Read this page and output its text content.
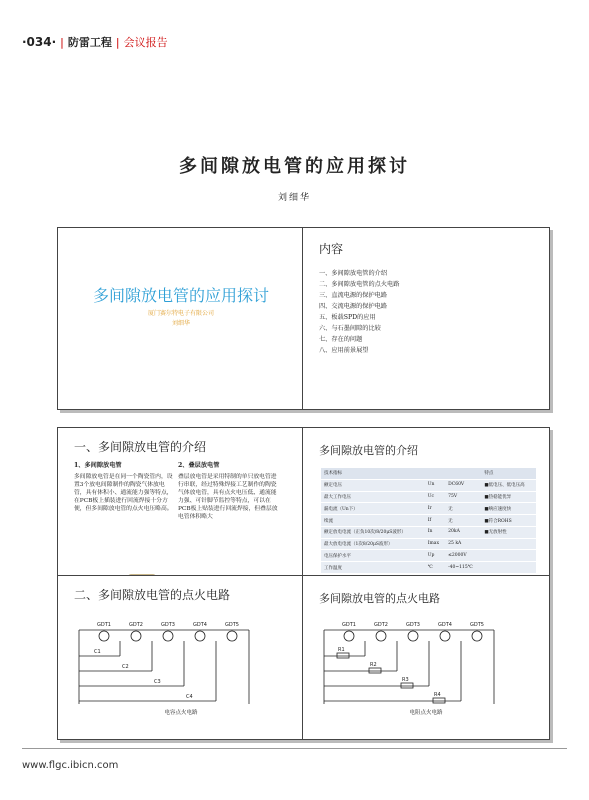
·034· | 防雷工程 | 会议报告
多间隙放电管的应用探讨
刘细华
多间隙放电管的应用探讨
厦门赛尔特电子有限公司
刘细华
内容
一、多间隙放电管的介绍
二、多间隙放电管的点火电路
三、直流电源的保护电路
四、交流电源的保护电路
五、板载SPD的应用
六、与石墨间隙的比较
七、存在的问题
八、应用前景展望
一、多间隙放电管的介绍
1、多间隙放电管
多间隙放电管是在同一个陶瓷管内，设置3个放电间隙制作的陶瓷气体放电管，具有体积小、通流能力强等特点，在PCB板上插装进行回流焊接十分方便，但多间隙放电管的点火电压略高。
2、叠层放电管
叠层放电管是采用特制的单只放电管进行串联，经过特殊焊接工艺制作的陶瓷气体放电管，具有点火电压低、通流能力强、可针脚节监控等特点，可以在PCB板上贴装进行回流焊接，但叠层放电管体积略大
多间隙放电管的介绍
技术指标			特点
额定电压	Un	DC60V	■低电压、低电压高
最大工作电压	Uc	75V	■热稳能优异
漏电流（Un下）	Ir	无	■响应速度快
续流	If	无	■符合ROHS
额定放电电流（正负10次/8/20μS波形）	In	20kA	■无放射性
最大放电电流（1次8/20μS波形）	Imax	25 kA	
电压保护水平	Up	≤2000V	
工作温度	℃	-40~115℃	
二、多间隙放电管的点火电路
GDT1	GDT2	GDT3	GDT4	GDT5
C1
C2
C3
C4
电容点火电路
多间隙放电管的点火电路
GDT1	GDT2	GDT3	GDT4	GDT5
R1
R2
R3
R4
电阻点火电路
www.flgc.ibicn.com
